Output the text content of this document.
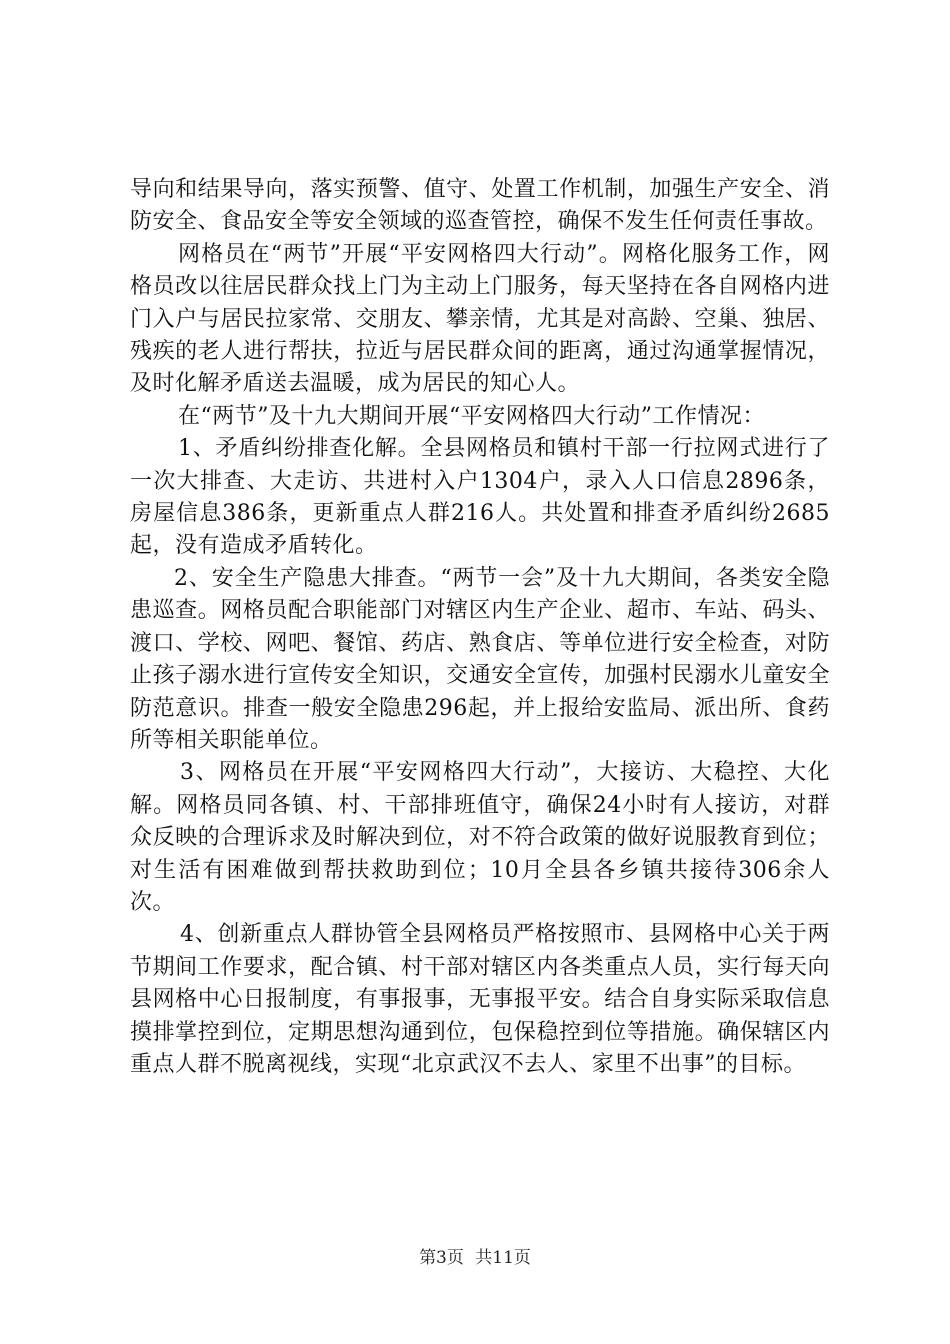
导向和结果导向，落实预警、值守、处置工作机制，加强生产安全、消防安全、食品安全等安全领域的巡查管控，确保不发生任何责任事故。

网格员在“两节”开展“平安网格四大行动”。网格化服务工作，网格员改以往居民群众找上门为主动上门服务，每天坚持在各自网格内进门入户与居民拉家常、交朋友、攀亲情，尤其是对高龄、空巢、独居、残疾的老人进行帮扶，拉近与居民群众间的距离，通过沟通掌握情况，及时化解矛盾送去温暖，成为居民的知心人。

在“两节”及十九大期间开展“平安网格四大行动”工作情况：

1、矛盾纠纷排查化解。全县网格员和镇村干部一行拉网式进行了一次大排查、大走访、共进村入户1304户，录入人口信息2896条，房屋信息386条，更新重点人群216人。共处置和排查矛盾纠纷2685起，没有造成矛盾转化。

2、安全生产隐患大排查。“两节一会”及十九大期间，各类安全隐患巡查。网格员配合职能部门对辖区内生产企业、超市、车站、码头、渡口、学校、网吧、餐馆、药店、熟食店、等单位进行安全检查，对防止孩子溺水进行宣传安全知识，交通安全宣传，加强村民溺水儿童安全防范意识。排查一般安全隐患296起，并上报给安监局、派出所、食药所等相关职能单位。

3、网格员在开展“平安网格四大行动”，大接访、大稳控、大化解。网格员同各镇、村、干部排班值守，确保24小时有人接访，对群众反映的合理诉求及时解决到位，对不符合政策的做好说服教育到位；对生活有困难做到帮扶救助到位；10月全县各乡镇共接待306余人次。

4、创新重点人群协管全县网格员严格按照市、县网格中心关于两节期间工作要求，配合镇、村干部对辖区内各类重点人员，实行每天向县网格中心日报制度，有事报事，无事报平安。结合自身实际采取信息摸排掌控到位，定期思想沟通到位，包保稳控到位等措施。确保辖区内重点人群不脱离视线，实现“北京武汉不去人、家里不出事”的目标。

第3页 共11页
